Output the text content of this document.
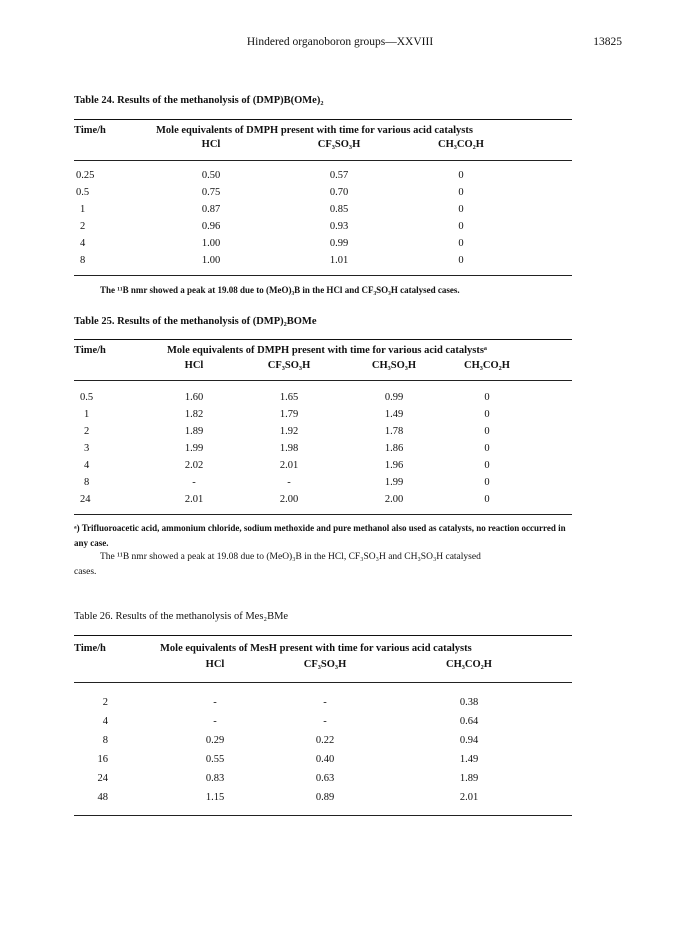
Hindered organoboron groups—XXVIII	13825
Table 24. Results of the methanolysis of (DMP)B(OMe)₂
Time/h	Mole equivalents of DMPH present with time for various acid catalysts
HCl	CF₃SO₃H	CH₃CO₂H
0.25	0.50	0.57	0
0.5	0.75	0.70	0
1	0.87	0.85	0
2	0.96	0.93	0
4	1.00	0.99	0
8	1.00	1.01	0
The ¹¹B nmr showed a peak at 19.08 due to (MeO)₃B in the HCl and CF₃SO₃H catalysed cases.
Table 25. Results of the methanolysis of (DMP)₂BOMe
Time/h	Mole equivalents of DMPH present with time for various acid catalystsᵃ
HCl	CF₃SO₃H	CH₃SO₃H	CH₃CO₂H
0.5	1.60	1.65	0.99	0
1	1.82	1.79	1.49	0
2	1.89	1.92	1.78	0
3	1.99	1.98	1.86	0
4	2.02	2.01	1.96	0
8	-	-	1.99	0
24	2.01	2.00	2.00	0
ᵃ) Trifluoroacetic acid, ammonium chloride, sodium methoxide and pure methanol also used as catalysts, no reaction occurred in
any case.
The ¹¹B nmr showed a peak at 19.08 due to (MeO)₃B in the HCl, CF₃SO₃H and CH₃SO₃H catalysed
cases.
Table 26. Results of the methanolysis of Mes₂BMe
Time/h	Mole equivalents of MesH present with time for various acid catalysts
HCl	CF₃SO₃H	CH₃CO₂H
2	-	-	0.38
4	-	-	0.64
8	0.29	0.22	0.94
16	0.55	0.40	1.49
24	0.83	0.63	1.89
48	1.15	0.89	2.01
